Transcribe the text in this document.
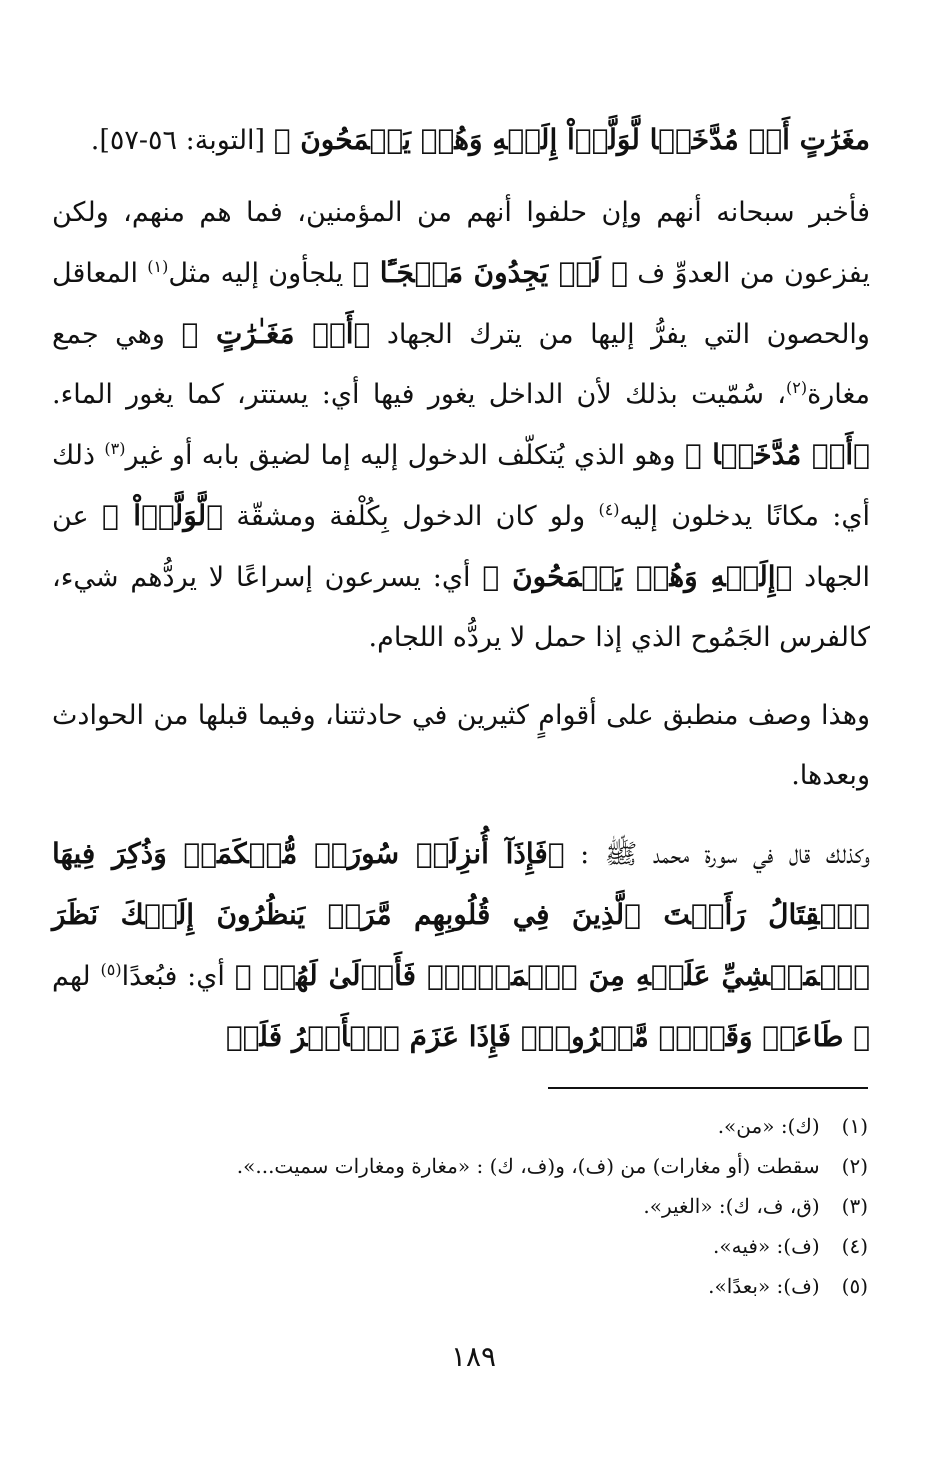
مغَرَٰتٍ أَوۡ مُدَّخَلࣰا لَّوَلَّوۡاْ إِلَيۡهِ وَهُمۡ يَجۡمَحُونَ ﴾ [التوبة: ٥٦-٥٧].

فأخبر سبحانه أنهم وإن حلفوا أنهم من المؤمنين، فما هم منهم، ولكن يفزعون من العدوِّ ف ﴿ لَوۡ يَجِدُونَ مَلۡجَـًٔا ﴾ يلجأون إليه مثل$^{(١)}$ المعاقل والحصون التي يفرُّ إليها من يترك الجهاد ﴿أَوۡ مَغَـٰرَٰتٍ ﴾ وهي جمع مغارة$^{(٢)}$، سُمّيت بذلك لأن الداخل يغور فيها أي: يستتر، كما يغور الماء. ﴿أَوۡ مُدَّخَلࣰا ﴾ وهو الذي يُتكلّف الدخول إليه إما لضيق بابه أو غير$^{(٣)}$ ذلك أي: مكانًا يدخلون إليه$^{(٤)}$ ولو كان الدخول بِكُلْفة ومشقّة ﴿لَّوَلَّوۡاْ ﴾ عن الجهاد ﴿إِلَيۡهِ وَهُمۡ يَجۡمَحُونَ ﴾ أي: يسرعون إسراعًا لا يردُّهم شيء، كالفرس الجَمُوح الذي إذا حمل لا يردُّه اللجام.

وهذا وصف منطبق على أقوامٍ كثيرين في حادثتنا، وفيما قبلها من الحوادث وبعدها.

وكذلك قال في سورة محمد ﷺ : ﴿فَإِذَآ أُنزِلَتۡ سُورَةࣱ مُّحۡكَمَةࣱ وَذُكِرَ فِيهَا ٱلۡقِتَالُ رَأَيۡتَ ٱلَّذِينَ فِي قُلُوبِهِم مَّرَضࣱ يَنظُرُونَ إِلَيۡكَ نَظَرَ ٱلۡمَغۡشِيِّ عَلَيۡهِ مِنَ ٱلۡمَوۡتِۖ فَأَوۡلَىٰ لَهُمۡ ﴾ أي: فبُعدًا$^{(٥)}$ لهم ﴿ طَاعَةࣱ وَقَوۡلࣱ مَّعۡرُوفࣱۚ فَإِذَا عَزَمَ ٱلۡأَمۡرُ فَلَوۡ

(١) (ك): «من».
(٢) سقطت (أو مغارات) من (ف)، و(ف، ك) : «مغارة ومغارات سميت...».
(٣) (ق، ف، ك): «الغير».
(٤) (ف): «فيه».
(٥) (ف): «بعدًا».
١٨٩
